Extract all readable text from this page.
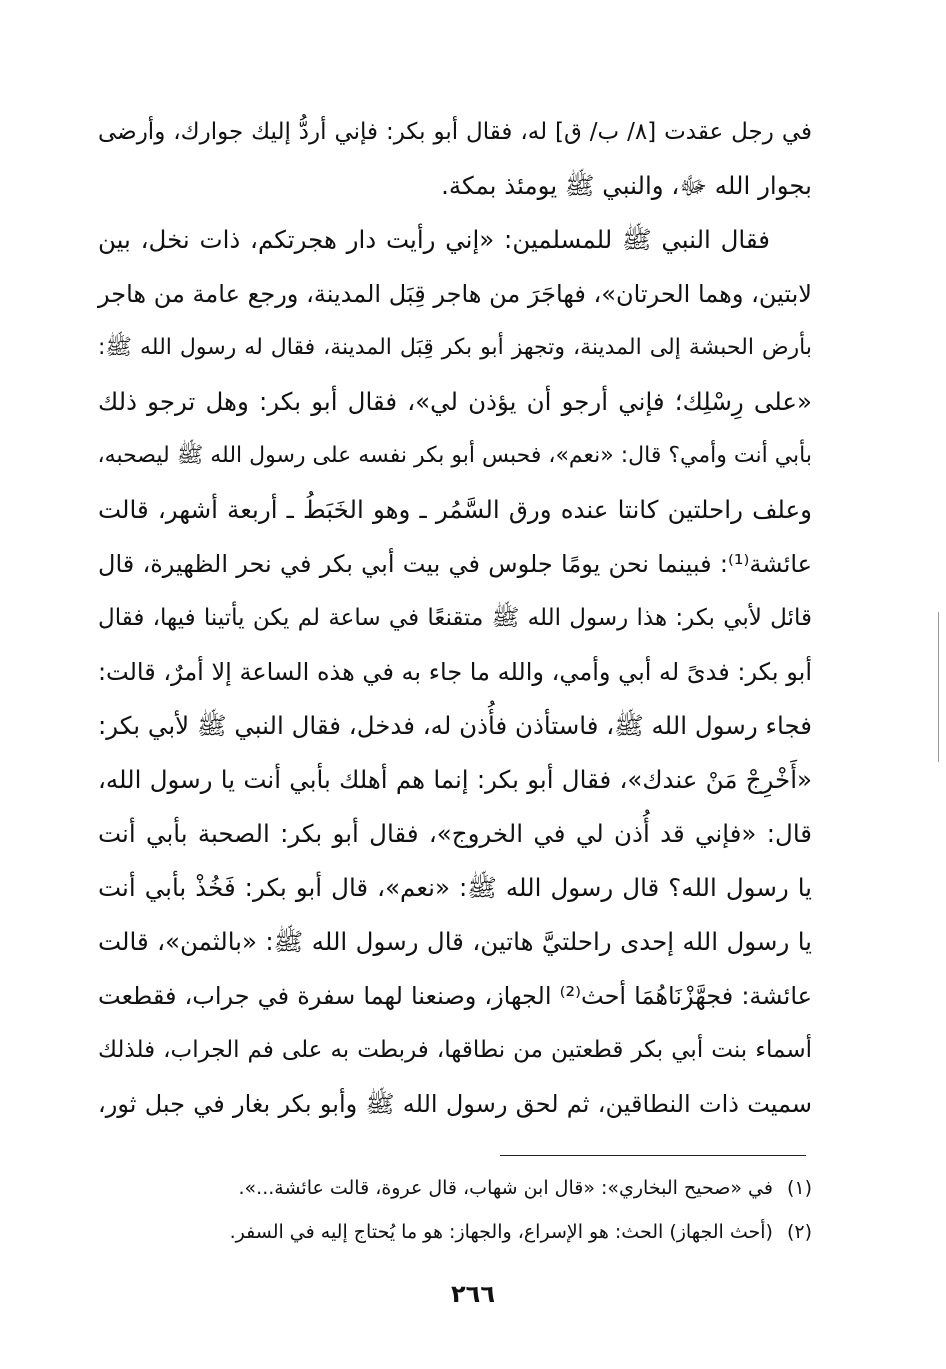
في رجل عقدت [٨/ ب/ ق] له، فقال أبو بكر: فإني أردُّ إليك جوارك، وأرضى
بجوار الله ﷻ، والنبي ﷺ يومئذ بمكة.
فقال النبي ﷺ للمسلمين: «إني رأيت دار هجرتكم، ذات نخل، بين
لابتين، وهما الحرتان»، فهاجَرَ من هاجر قِبَل المدينة، ورجع عامة من هاجر
بأرض الحبشة إلى المدينة، وتجهز أبو بكر قِبَل المدينة، فقال له رسول الله ﷺ:
«على رِسْلِك؛ فإني أرجو أن يؤذن لي»، فقال أبو بكر: وهل ترجو ذلك
بأبي أنت وأمي؟ قال: «نعم»، فحبس أبو بكر نفسه على رسول الله ﷺ ليصحبه،
وعلف راحلتين كانتا عنده ورق السَّمُر ـ وهو الخَبَطُ ـ أربعة أشهر، قالت
عائشة⁽¹⁾: فبينما نحن يومًا جلوس في بيت أبي بكر في نحر الظهيرة، قال
قائل لأبي بكر: هذا رسول الله ﷺ متقنعًا في ساعة لم يكن يأتينا فيها، فقال
أبو بكر: فدىً له أبي وأمي، والله ما جاء به في هذه الساعة إلا أمرٌ، قالت:
فجاء رسول الله ﷺ، فاستأذن فأُذن له، فدخل، فقال النبي ﷺ لأبي بكر:
«أَخْرِجْ مَنْ عندك»، فقال أبو بكر: إنما هم أهلك بأبي أنت يا رسول الله،
قال: «فإني قد أُذن لي في الخروج»، فقال أبو بكر: الصحبة بأبي أنت
يا رسول الله؟ قال رسول الله ﷺ: «نعم»، قال أبو بكر: فَخُذْ بأبي أنت
يا رسول الله إحدى راحلتيَّ هاتين، قال رسول الله ﷺ: «بالثمن»، قالت
عائشة: فجهَّزْنَاهُمَا أحث⁽²⁾ الجهاز، وصنعنا لهما سفرة في جراب، فقطعت
أسماء بنت أبي بكر قطعتين من نطاقها، فربطت به على فم الجراب، فلذلك
سميت ذات النطاقين، ثم لحق رسول الله ﷺ وأبو بكر بغار في جبل ثور،
(١)في «صحيح البخاري»: «قال ابن شهاب، قال عروة، قالت عائشة...».
(٢)(أحث الجهاز) الحث: هو الإسراع، والجهاز: هو ما يُحتاج إليه في السفر.
٢٦٦
